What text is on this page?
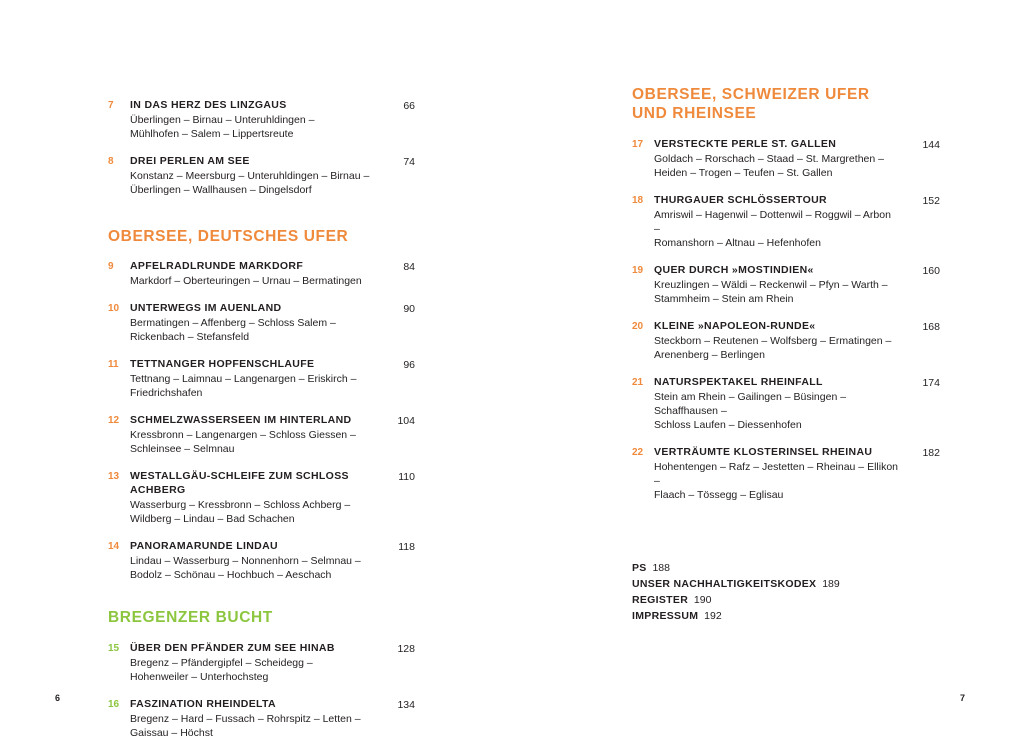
7	IN DAS HERZ DES LINZGAUS
Überlingen – Birnau – Unteruhldingen –
Mühlhofen – Salem – Lippertsreute
66
8	DREI PERLEN AM SEE
Konstanz – Meersburg – Unteruhldingen – Birnau –
Überlingen – Wallhausen – Dingelsdorf
74
OBERSEE, DEUTSCHES UFER
9	APFELRADLRUNDE MARKDORF
Markdorf – Oberteuringen – Urnau – Bermatingen
84
10	UNTERWEGS IM AUENLAND
Bermatingen – Affenberg – Schloss Salem –
Rickenbach – Stefansfeld
90
11	TETTNANGER HOPFENSCHLAUFE
Tettnang – Laimnau – Langenargen – Eriskirch –
Friedrichshafen
96
12	SCHMELZWASSERSEEN IM HINTERLAND
Kressbronn – Langenargen – Schloss Giessen –
Schleinsee – Selmnau
104
13	WESTALLGÄU-SCHLEIFE ZUM SCHLOSS ACHBERG
Wasserburg – Kressbronn – Schloss Achberg –
Wildberg – Lindau – Bad Schachen
110
14	PANORAMARUNDE LINDAU
Lindau – Wasserburg – Nonnenhorn – Selmnau –
Bodolz – Schönau – Hochbuch – Aeschach
118
BREGENZER BUCHT
15	ÜBER DEN PFÄNDER ZUM SEE HINAB
Bregenz – Pfändergipfel – Scheidegg –
Hohenweiler – Unterhochsteg
128
16	FASZINATION RHEINDELTA
Bregenz – Hard – Fussach – Rohrspitz – Letten –
Gaissau – Höchst
134
OBERSEE, SCHWEIZER UFER
UND RHEINSEE
17	VERSTECKTE PERLE ST. GALLEN
Goldach – Rorschach – Staad – St. Margrethen –
Heiden – Trogen – Teufen – St. Gallen
144
18	THURGAUER SCHLÖSSERTOUR
Amriswil – Hagenwil – Dottenwil – Roggwil – Arbon –
Romanshorn – Altnau – Hefenhofen
152
19	QUER DURCH »MOSTINDIEN«
Kreuzlingen – Wäldi – Reckenwil – Pfyn – Warth –
Stammheim – Stein am Rhein
160
20	KLEINE »NAPOLEON-RUNDE«
Steckborn – Reutenen – Wolfsberg – Ermatingen –
Arenenberg – Berlingen
168
21	NATURSPEKTAKEL RHEINFALL
Stein am Rhein – Gailingen – Büsingen – Schaffhausen –
Schloss Laufen – Diessenhofen
174
22	VERTRÄUMTE KLOSTERINSEL RHEINAU
Hohentengen – Rafz – Jestetten – Rheinau – Ellikon –
Flaach – Tössegg – Eglisau
182
PS 188
UNSER NACHHALTIGKEITSKODEX 189
REGISTER 190
IMPRESSUM 192
6	7
